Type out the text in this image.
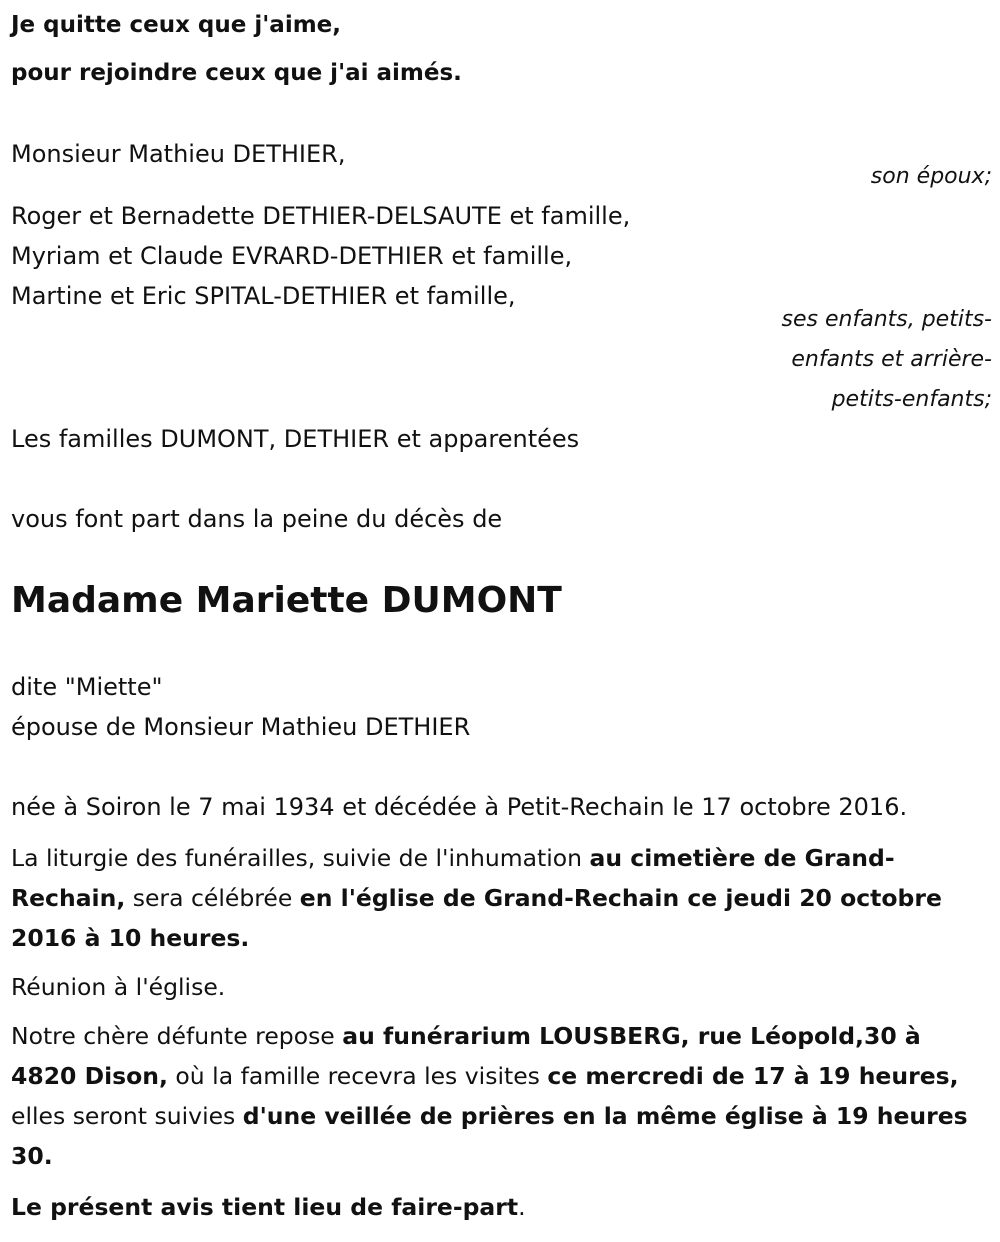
Je quitte ceux que j'aime,

pour rejoindre ceux que j'ai aimés.

Monsieur Mathieu DETHIER,

son époux;

Roger et Bernadette DETHIER-DELSAUTE et famille,

Myriam et Claude EVRARD-DETHIER et famille,

Martine et Eric SPITAL-DETHIER et famille,

ses enfants, petits-

enfants et arrière-

petits-enfants;

Les familles DUMONT, DETHIER et apparentées

vous font part dans la peine du décès de

Madame Mariette DUMONT

dite "Miette"

épouse de Monsieur Mathieu DETHIER

née à Soiron le 7 mai 1934 et décédée à Petit-Rechain le 17 octobre 2016.

La liturgie des funérailles, suivie de l'inhumation au cimetière de Grand-Rechain, sera célébrée en l'église de Grand-Rechain ce jeudi 20 octobre 2016 à 10 heures.

Réunion à l'église.

Notre chère défunte repose au funérarium LOUSBERG, rue Léopold,30 à 4820 Dison, où la famille recevra les visites ce mercredi de 17 à 19 heures, elles seront suivies d'une veillée de prières en la même église à 19 heures 30.

Le présent avis tient lieu de faire-part.
